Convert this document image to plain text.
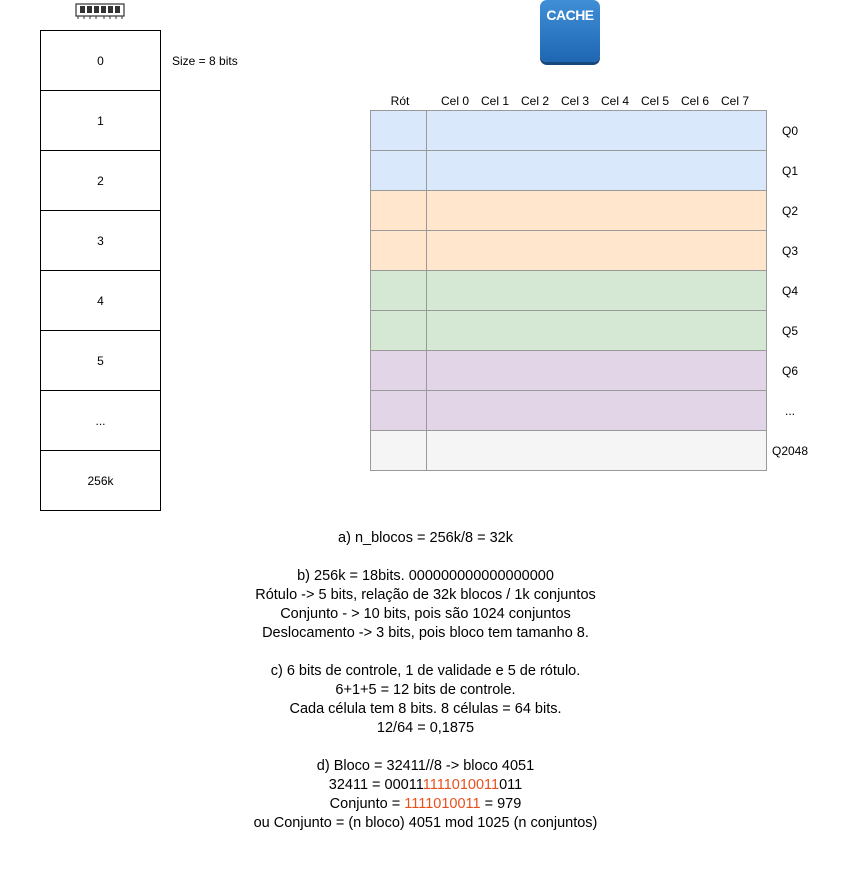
0
1
2
3
4
5
...
256k
Size = 8 bits
CACHE
Rót	Cel 0 Cel 1 Cel 2 Cel 3 Cel 4 Cel 5 Cel 6 Cel 7
Q0
Q1
Q2
Q3
Q4
Q5
Q6
...
Q2048
a) n_blocos = 256k/8 = 32k
b) 256k = 18bits. 000000000000000000
Rótulo -> 5 bits, relação de 32k blocos / 1k conjuntos
Conjunto - > 10 bits, pois são 1024 conjuntos
Deslocamento -> 3 bits, pois bloco tem tamanho 8.
c) 6 bits de controle, 1 de validade e 5 de rótulo.
6+1+5 = 12 bits de controle.
Cada célula tem 8 bits. 8 células = 64 bits.
12/64 = 0,1875
d) Bloco = 32411//8 -> bloco 4051
32411 = 000111111010011011
Conjunto = 1111010011 = 979
ou Conjunto = (n bloco) 4051 mod 1025 (n conjuntos)
